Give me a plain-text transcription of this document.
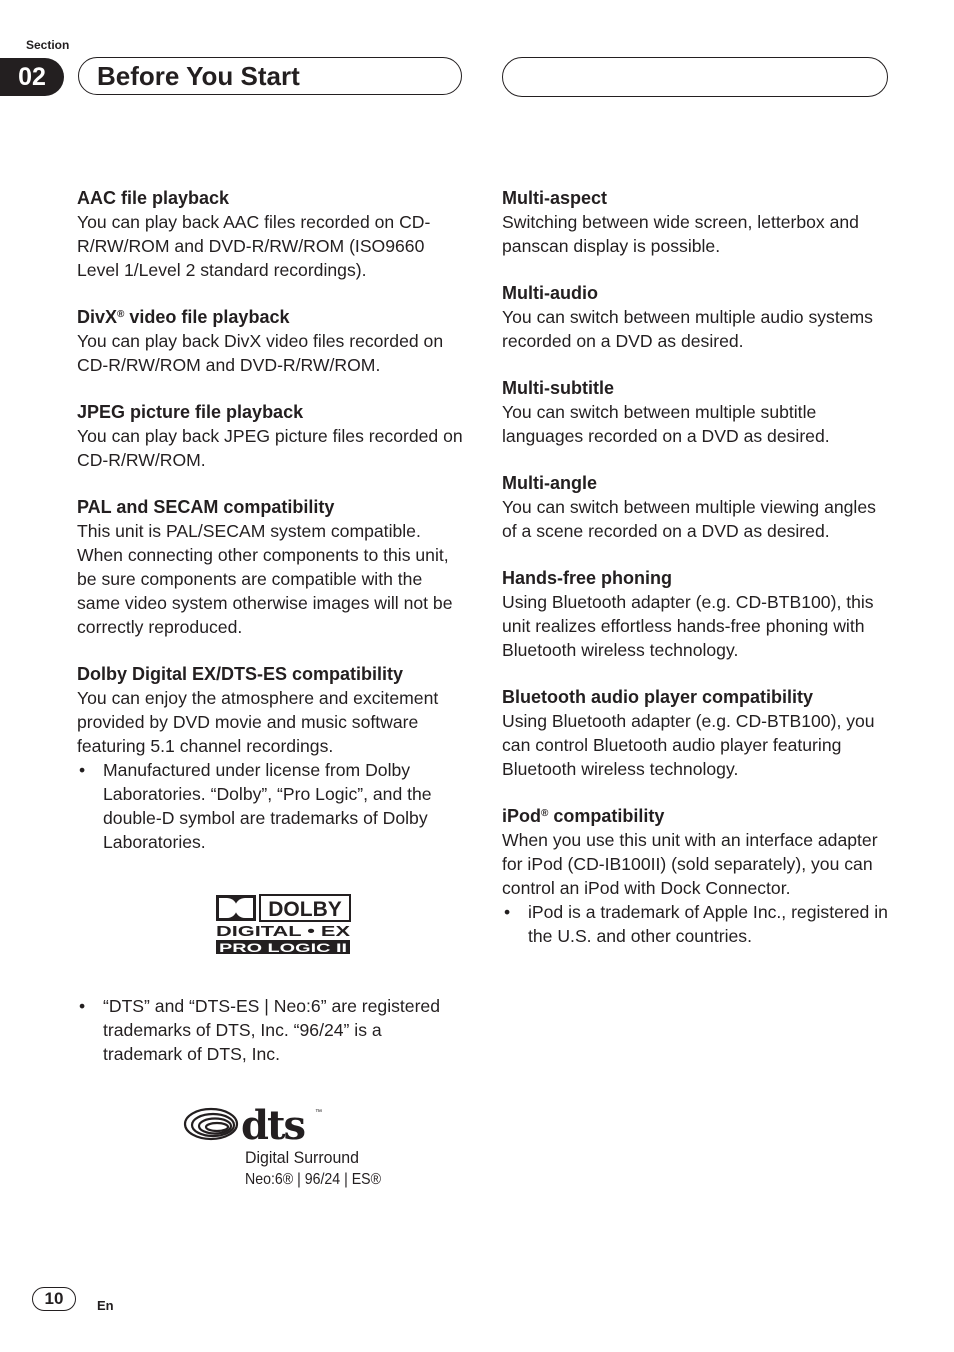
Section
02	Before You Start
AAC file playback
You can play back AAC files recorded on CD-R/RW/ROM and DVD-R/RW/ROM (ISO9660 Level 1/Level 2 standard recordings).
DivX® video file playback
You can play back DivX video files recorded on CD-R/RW/ROM and DVD-R/RW/ROM.
JPEG picture file playback
You can play back JPEG picture files recorded on CD-R/RW/ROM.
PAL and SECAM compatibility
This unit is PAL/SECAM system compatible. When connecting other components to this unit, be sure components are compatible with the same video system otherwise images will not be correctly reproduced.
Dolby Digital EX/DTS-ES compatibility
You can enjoy the atmosphere and excitement provided by DVD movie and music software featuring 5.1 channel recordings.
• Manufactured under license from Dolby Laboratories. “Dolby”, “Pro Logic”, and the double-D symbol are trademarks of Dolby Laboratories.
DOLBY
DIGITAL • EX
PRO LOGIC II
• “DTS” and “DTS-ES | Neo:6” are registered trademarks of DTS, Inc. “96/24” is a trademark of DTS, Inc.
dts ™
Digital Surround
Neo:6® | 96/24 | ES®
Multi-aspect
Switching between wide screen, letterbox and panscan display is possible.
Multi-audio
You can switch between multiple audio systems recorded on a DVD as desired.
Multi-subtitle
You can switch between multiple subtitle languages recorded on a DVD as desired.
Multi-angle
You can switch between multiple viewing angles of a scene recorded on a DVD as desired.
Hands-free phoning
Using Bluetooth adapter (e.g. CD-BTB100), this unit realizes effortless hands-free phoning with Bluetooth wireless technology.
Bluetooth audio player compatibility
Using Bluetooth adapter (e.g. CD-BTB100), you can control Bluetooth audio player featuring Bluetooth wireless technology.
iPod® compatibility
When you use this unit with an interface adapter for iPod (CD-IB100II) (sold separately), you can control an iPod with Dock Connector.
• iPod is a trademark of Apple Inc., registered in the U.S. and other countries.
10	En
